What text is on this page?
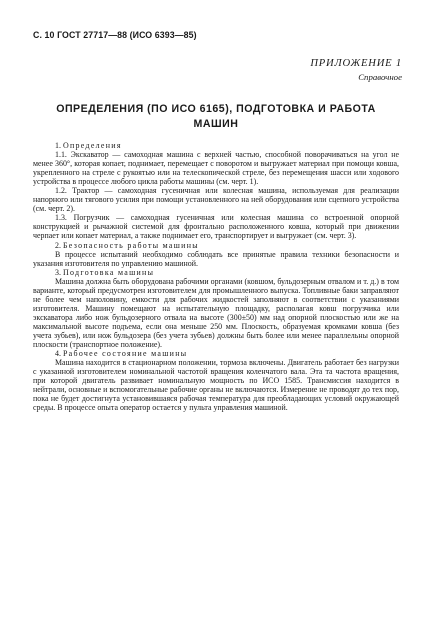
С. 10 ГОСТ 27717—88 (ИСО 6393—85)
ПРИЛОЖЕНИЕ 1
Справочное
ОПРЕДЕЛЕНИЯ (ПО ИСО 6165), ПОДГОТОВКА И РАБОТА
МАШИН

1. Определения

1.1. Экскаватор — самоходная машина с верхней частью, способной поворачиваться на угол не менее 360°, которая копает, поднимает, перемещает с поворотом и выгружает материал при помощи ковша, укрепленного на стреле с рукоятью или на телескопической стреле, без перемещения шасси или ходового устройства в процессе любого цикла работы машины (см. черт. 1).

1.2. Трактор — самоходная гусеничная или колесная машина, используемая для реализации напорного или тягового усилия при помощи установленного на ней оборудования или сцепного устройства (см. черт. 2).

1.3. Погрузчик — самоходная гусеничная или колесная машина со встроенной опорной конструкцией и рычажной системой для фронтально расположенного ковша, который при движении черпает или копает материал, а также поднимает его, транспортирует и выгружает (см. черт. 3).

2. Безопасность работы машины

В процессе испытаний необходимо соблюдать все принятые правила техники безопасности и указания изготовителя по управлению машиной.

3. Подготовка машины

Машина должна быть оборудована рабочими органами (ковшом, бульдозерным отвалом и т. д.) в том варианте, который предусмотрен изготовителем для промышленного выпуска. Топливные баки заправляют не более чем наполовину, емкости для рабочих жидкостей заполняют в соответствии с указаниями изготовителя. Машину помещают на испытательную площадку, располагая ковш погрузчика или экскаватора либо нож бульдозерного отвала на высоте (300±50) мм над опорной плоскостью или же на максимальной высоте подъема, если она меньше 250 мм. Плоскость, образуемая кромками ковша (без учета зубьев), или нож бульдозера (без учета зубьев) должны быть более или менее параллельны опорной плоскости (транспортное положение).

4. Рабочее состояние машины

Машина находится в стационарном положении, тормоза включены. Двигатель работает без нагрузки с указанной изготовителем номинальной частотой вращения коленчатого вала. Эта та частота вращения, при которой двигатель развивает номинальную мощность по ИСО 1585. Трансмиссия находится в нейтрали, основные и вспомогательные рабочие органы не включаются. Измерение не проводят до тех пор, пока не будет достигнута установившаяся рабочая температура для преобладающих условий окружающей среды. В процессе опыта оператор остается у пульта управления машиной.
